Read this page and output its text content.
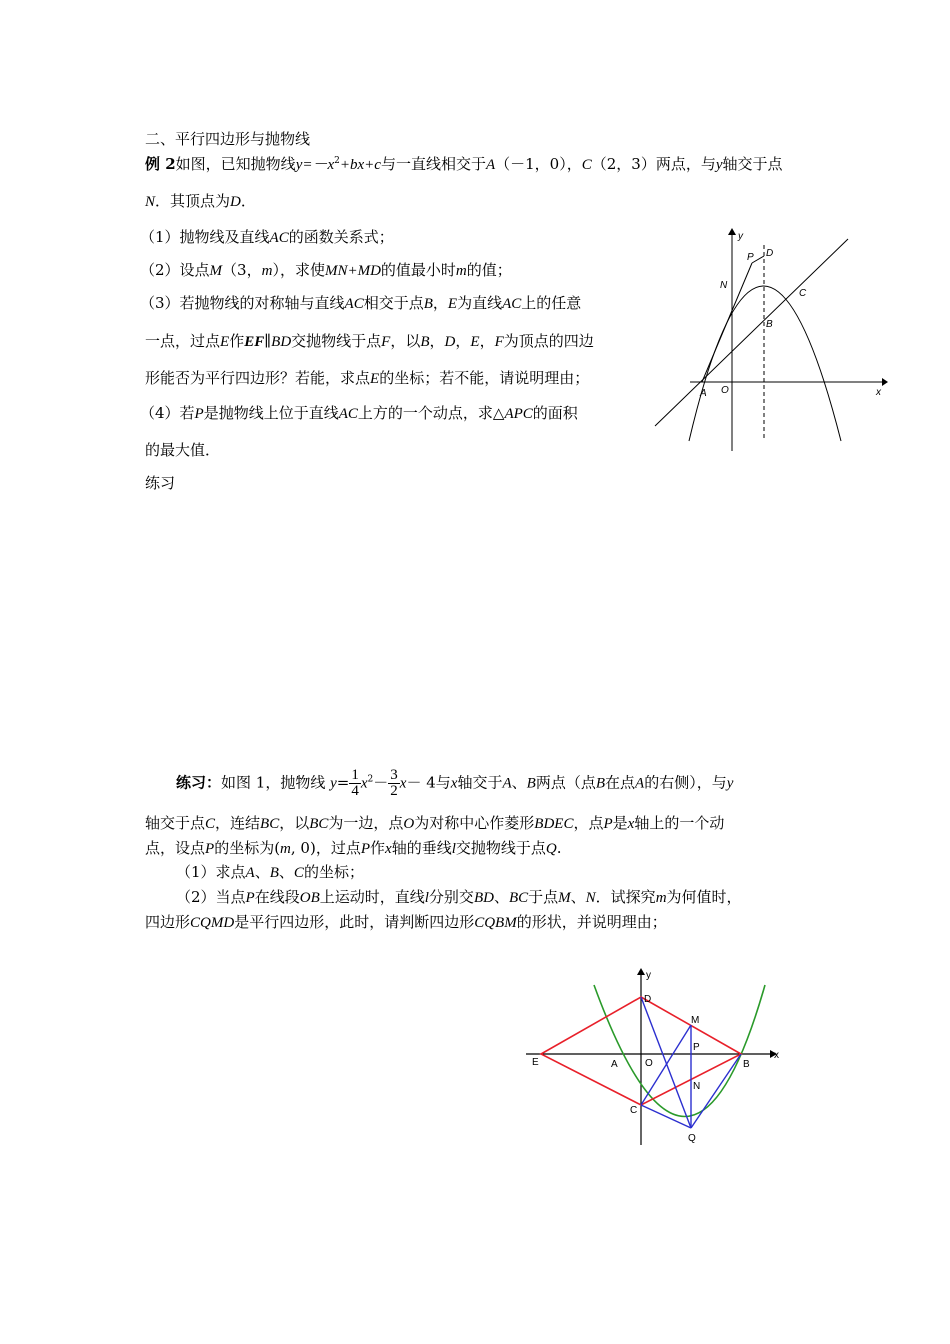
二、平行四边形与抛物线
例 2如图，已知抛物线$y=-x^2+bx+c$与一直线相交于A（－1，0），C（2，3）两点，与y轴交于点
N．其顶点为D．
（1）抛物线及直线AC的函数关系式；
（2）设点M（3，m），求使MN+MD的值最小时m的值；
（3）若抛物线的对称轴与直线AC相交于点B，E为直线AC上的任意
一点，过点E作EF∥BD交抛物线于点F，以B，D，E，F为顶点的四边
形能否为平行四边形？若能，求点E的坐标；若不能，请说明理由；
（4）若P是抛物线上位于直线AC上方的一个动点，求△APC的面积
的最大值．
练习
y
x
O
A
B
C
D
N
P
练习：如图 1，抛物线 $y= \frac{1}{4} x^2- \frac{3}{2} x- 4$与x轴交于A、B两点（点B在点A的右侧），与y
轴交于点C，连结BC，以BC为一边，点O为对称中心作菱形BDEC，点P是x轴上的一个动
点，设点P的坐标为(m, 0)，过点P作x轴的垂线l交抛物线于点Q.
（1）求点A、B、C的坐标；
（2）当点P在线段OB上运动时，直线l分别交BD、BC于点M、N．试探究m为何值时，
四边形CQMD是平行四边形，此时，请判断四边形CQBM的形状，并说明理由；
y
x
O
A	B
C
D
E
M
N
P
Q
